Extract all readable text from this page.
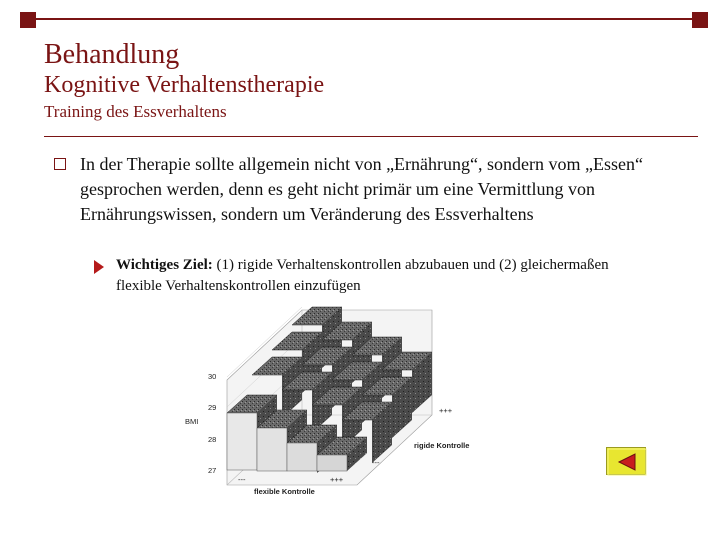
Behandlung
Kognitive Verhaltenstherapie
Training des Essverhaltens
In der Therapie sollte allgemein nicht von „Ernährung“, sondern vom „Essen“ gesprochen werden, denn es geht nicht primär um eine Vermittlung von Ernährungswissen, sondern um Veränderung des Essverhaltens
Wichtiges Ziel: (1) rigide Verhaltenskontrollen abzubauen und (2) gleichermaßen flexible Verhaltenskontrollen einzufügen
30
29
28
27
BMI
---	+++
flexible Kontrolle
---
+++
rigide Kontrolle
